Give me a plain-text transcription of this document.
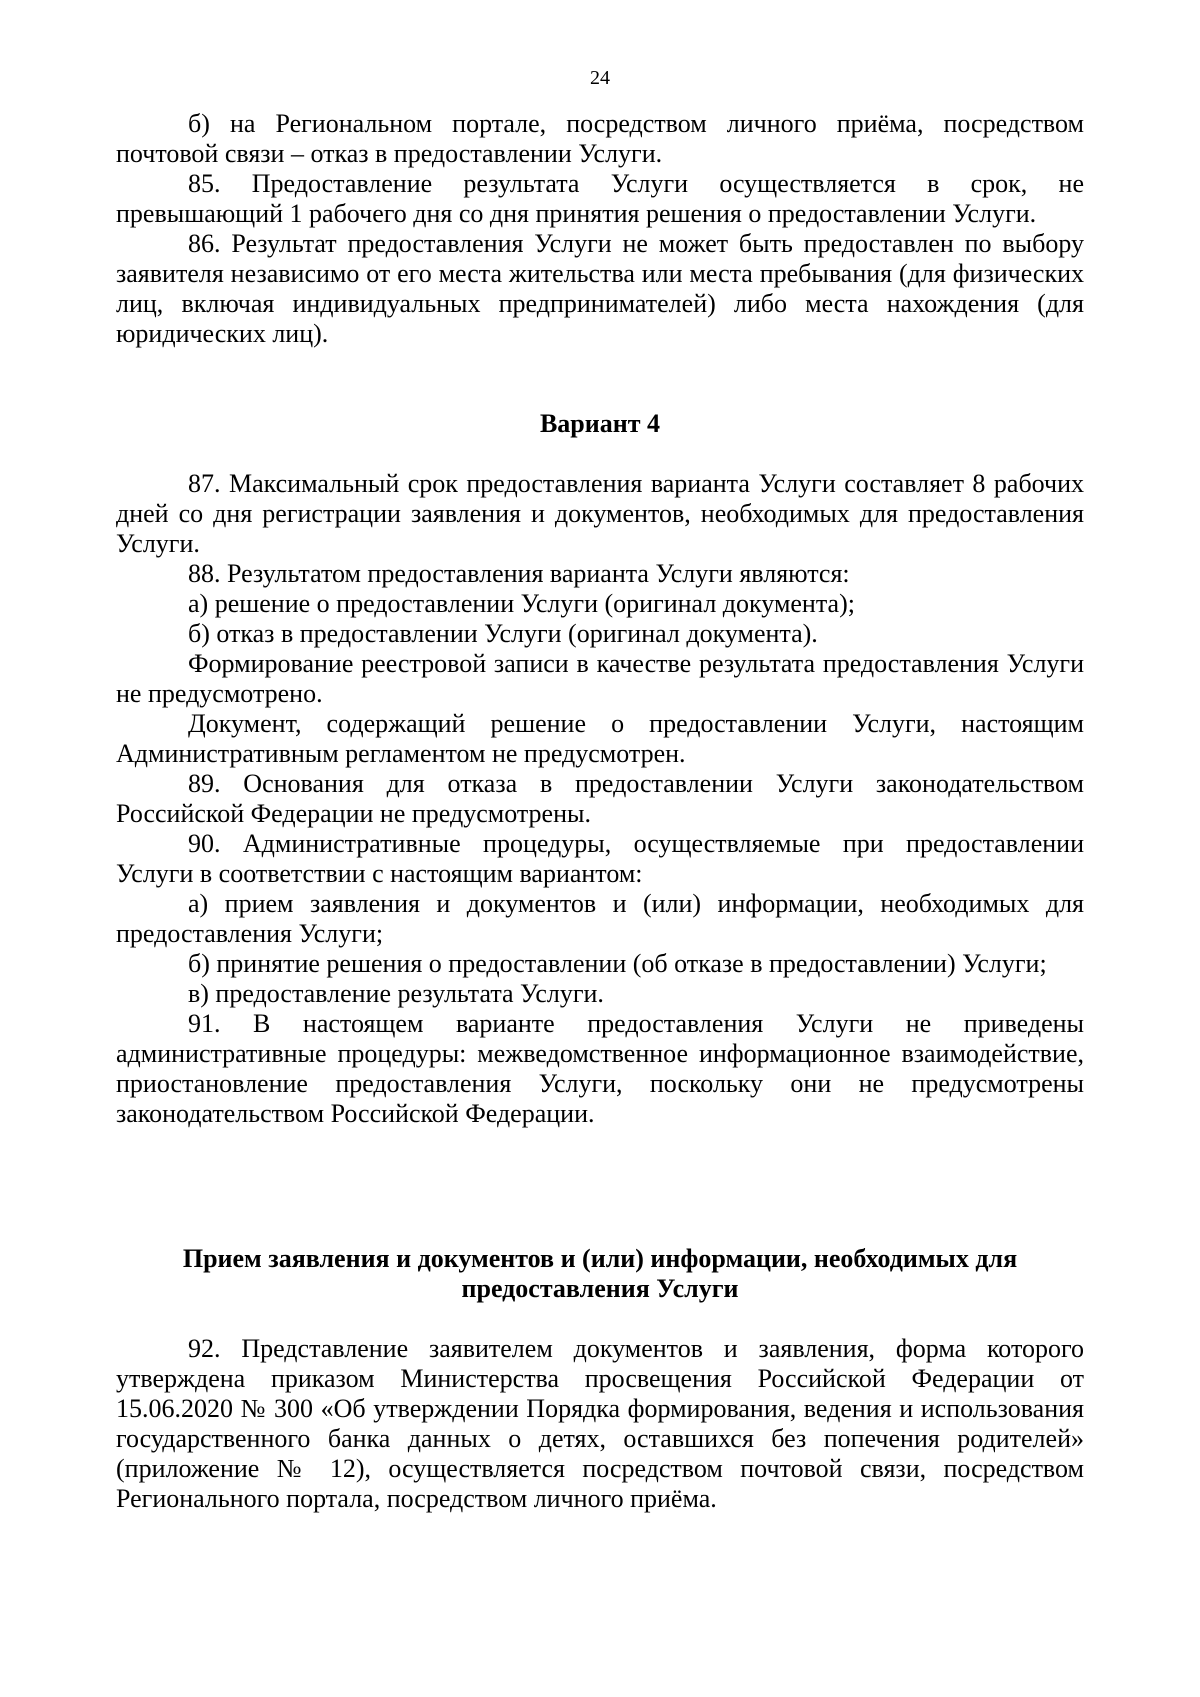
24

б) на Региональном портале, посредством личного приёма, посредством почтовой связи – отказ в предоставлении Услуги.

85. Предоставление результата Услуги осуществляется в срок, не превышающий 1 рабочего дня со дня принятия решения о предоставлении Услуги.

86. Результат предоставления Услуги не может быть предоставлен по выбору заявителя независимо от его места жительства или места пребывания (для физических лиц, включая индивидуальных предпринимателей) либо места нахождения (для юридических лиц).

Вариант 4

87. Максимальный срок предоставления варианта Услуги составляет 8 рабочих дней со дня регистрации заявления и документов, необходимых для предоставления Услуги.

88. Результатом предоставления варианта Услуги являются:

а) решение о предоставлении Услуги (оригинал документа);

б) отказ в предоставлении Услуги (оригинал документа).

Формирование реестровой записи в качестве результата предоставления Услуги не предусмотрено.

Документ, содержащий решение о предоставлении Услуги, настоящим Административным регламентом не предусмотрен.

89. Основания для отказа в предоставлении Услуги законодательством Российской Федерации не предусмотрены.

90. Административные процедуры, осуществляемые при предоставлении Услуги в соответствии с настоящим вариантом:

а) прием заявления и документов и (или) информации, необходимых для предоставления Услуги;

б) принятие решения о предоставлении (об отказе в предоставлении) Услуги;

в) предоставление результата Услуги.

91. В настоящем варианте предоставления Услуги не приведены административные процедуры: межведомственное информационное взаимодействие, приостановление предоставления Услуги, поскольку они не предусмотрены законодательством Российской Федерации.

Прием заявления и документов и (или) информации, необходимых для

предоставления Услуги

92. Представление заявителем документов и заявления, форма которого утверждена приказом Министерства просвещения Российской Федерации от 15.06.2020 № 300 «Об утверждении Порядка формирования, ведения и использования государственного банка данных о детях, оставшихся без попечения родителей» (приложение № 12), осуществляется посредством почтовой связи, посредством Регионального портала, посредством личного приёма.
